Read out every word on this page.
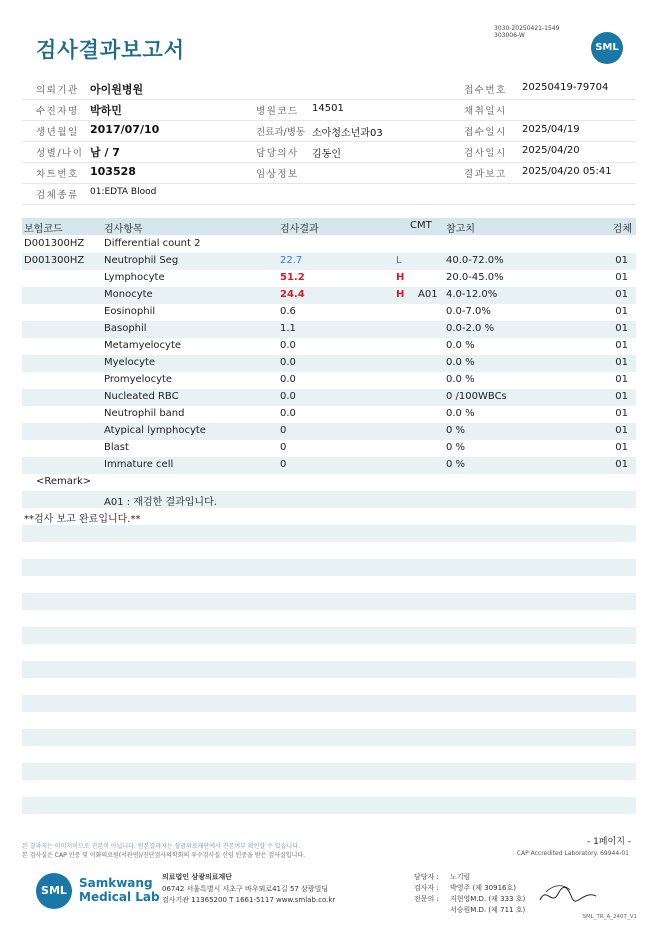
검사결과보고서
3030-20250421-1549
303006-W
SML
의뢰기관 아이원병원	접수번호 20250419-79704
수진자명 박하민	병원코드 14501	채취일시
생년월일 2017/07/10	진료과/병동 소아청소년과03	접수일시 2025/04/19
성별/나이 남 / 7	담당의사 김동인	검사일시 2025/04/20
차트번호 103528	임상정보	결과보고 2025/04/20 05:41
검체종류 01:EDTA Blood
보험코드	검사항목	검사결과	CMT 참고치	검체
D001300HZ Differential count 2
D001300HZ Neutrophil Seg	22.7	L	40.0-72.0%	01
Lymphocyte	51.2	H	20.0-45.0%	01
Monocyte	24.4	H A01 4.0-12.0%	01
Eosinophil	0.6	0.0-7.0%	01
Basophil	1.1	0.0-2.0 %	01
Metamyelocyte	0.0	0.0 %	01
Myelocyte	0.0	0.0 %	01
Promyelocyte	0.0	0.0 %	01
Nucleated RBC	0.0	0 /100WBCs	01
Neutrophil band	0.0	0.0 %	01
Atypical lymphocyte	0	0 %	01
Blast	0	0 %	01
Immature cell	0	0 %	01
<Remark>
A01 : 재검한 결과입니다.
**검사 보고 완료입니다.**
- 1페이지 -
본 결과지는 이미지이므로 진본이 아닙니다. 원본결과지는 삼광의료재단에서 진본여부 확인할 수 있습니다.
본 검사실은 CAP 인증 및 이화의료원(서관연)/진단검사의학회의 우수검사실 신임 인증을 받은 검사실입니다.	CAP Accredited Laboratory. 69944-01
SML
Samkwang
Medical Lab
의료법인 삼광의료재단
06742 서울특별시 서초구 바우뫼로41길 57 삼광빌딩
검사기관 11365200 T 1661-5117 www.smlab.co.kr
담당자 : 노기림
검사자 : 박영주 (제 30916호)
전문의 : 지현영M.D. (제 333 호)
서승원M.D. (제 711 호)
SML_TR_A_2407_V1
